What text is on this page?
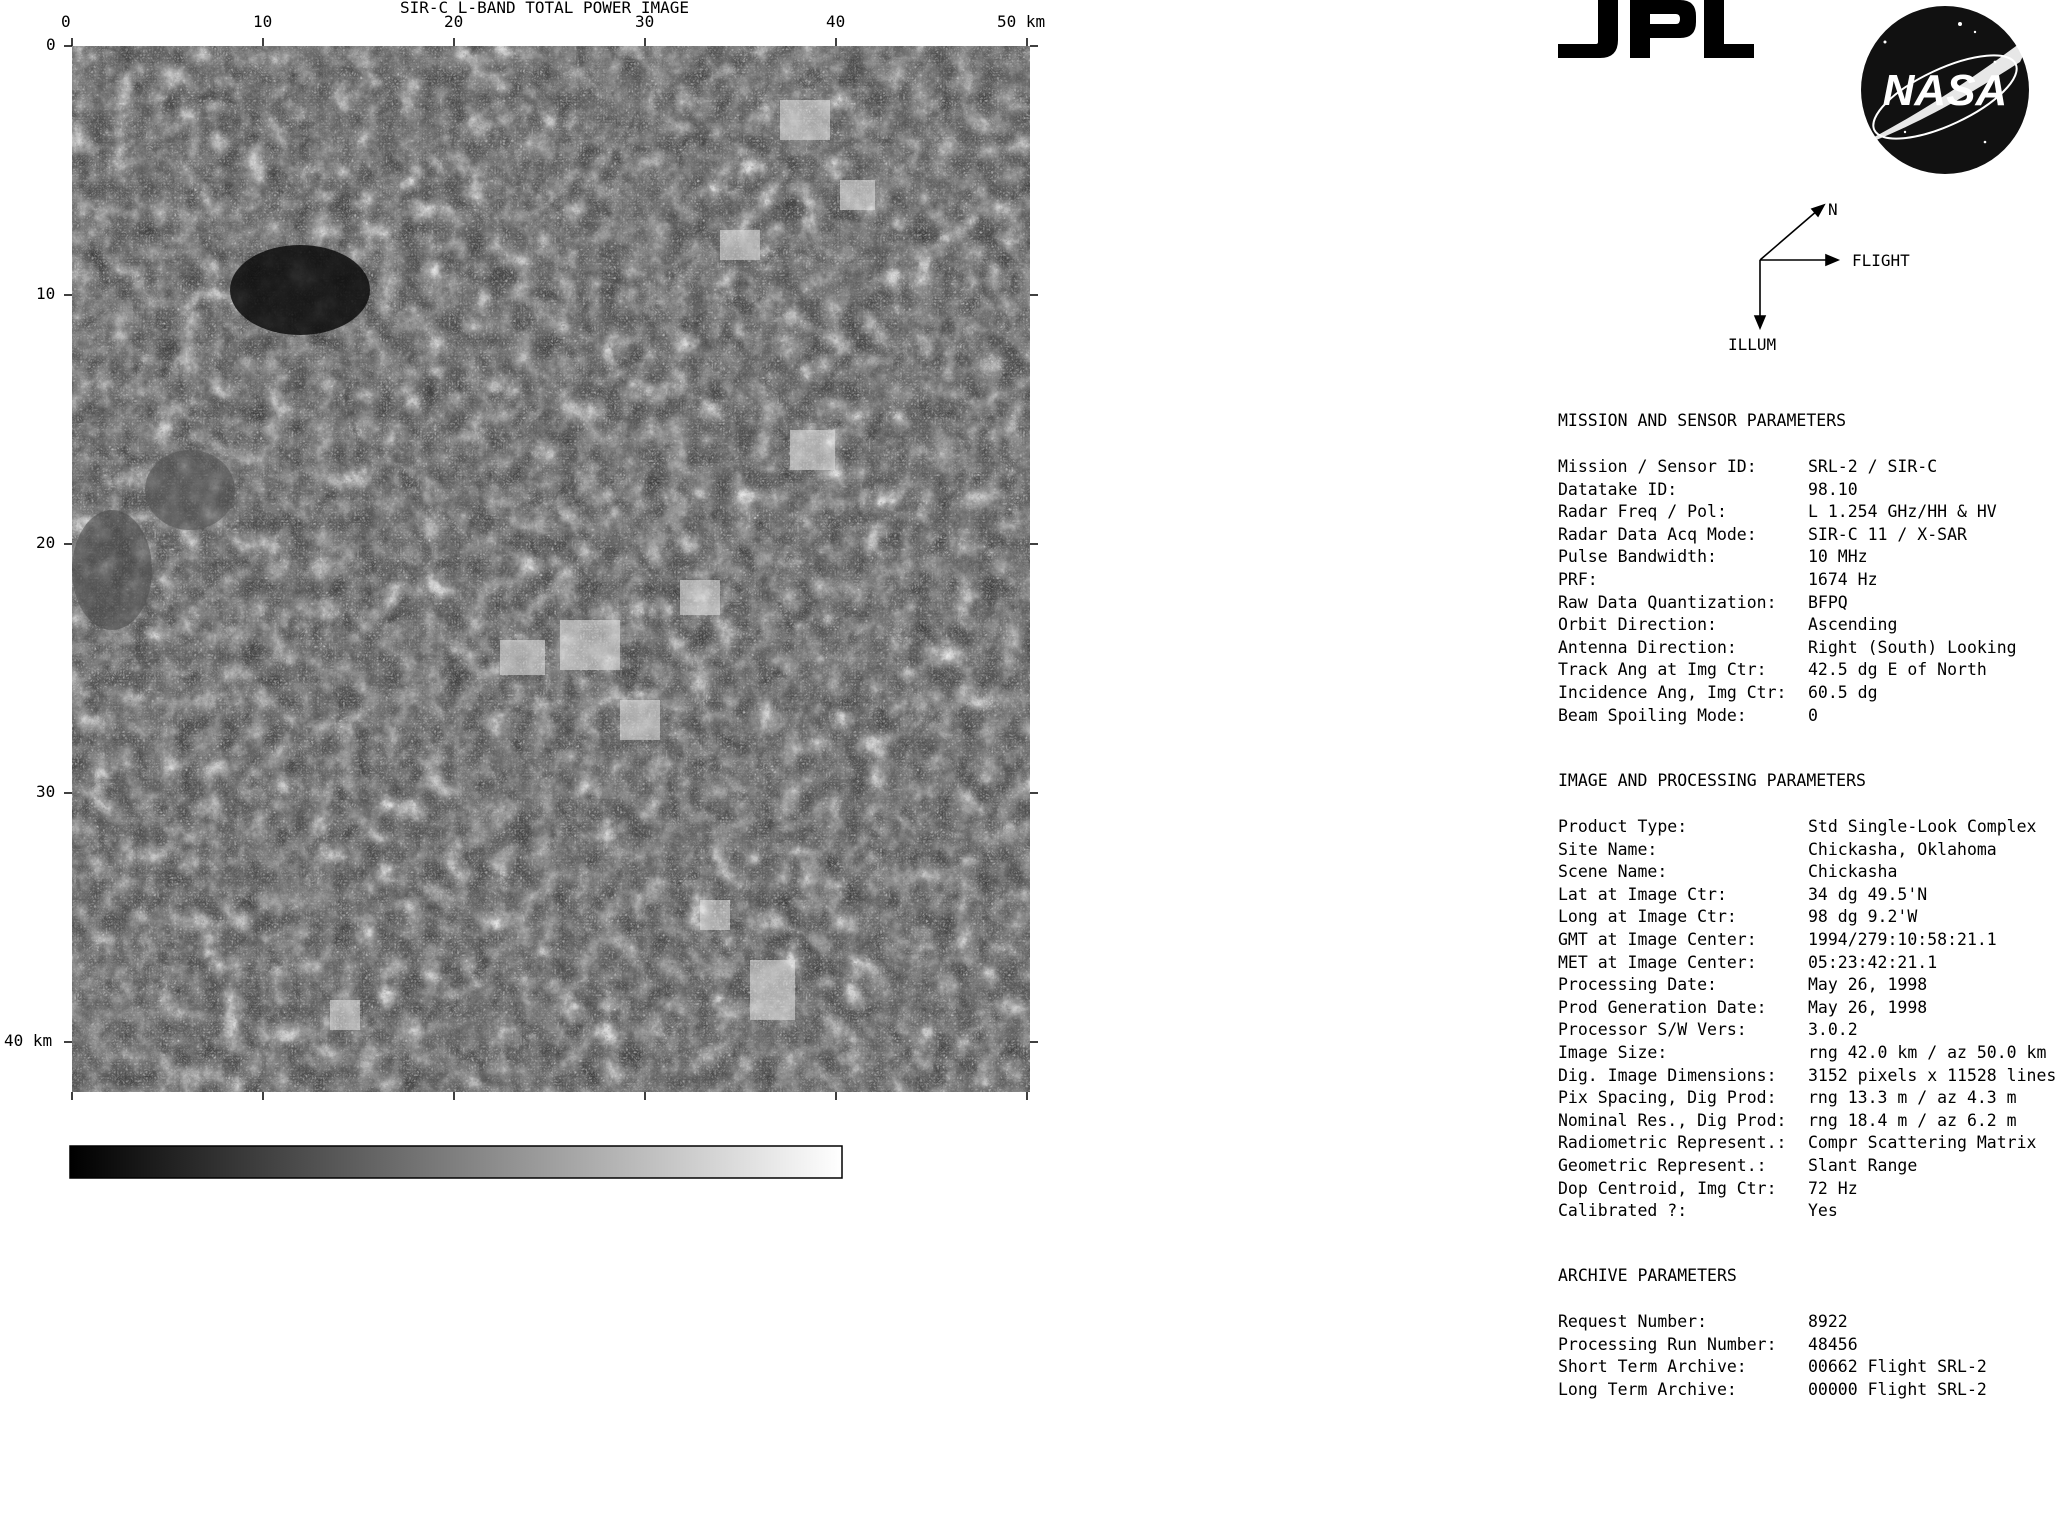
SIR-C L-BAND TOTAL POWER IMAGE
0	10	20	30	40	50 km
0
10
20
30
40 km
NASA
N
FLIGHT
ILLUM
MISSION AND SENSOR PARAMETERS
Mission / Sensor ID:	SRL-2 / SIR-C
Datatake ID:	98.10
Radar Freq / Pol:	L 1.254 GHz/HH & HV
Radar Data Acq Mode:	SIR-C 11 / X-SAR
Pulse Bandwidth:	10 MHz
PRF:	1674 Hz
Raw Data Quantization: BFPQ
Orbit Direction:	Ascending
Antenna Direction:	Right (South) Looking
Track Ang at Img Ctr:	42.5 dg E of North
Incidence Ang, Img Ctr: 60.5 dg
Beam Spoiling Mode:	0
IMAGE AND PROCESSING PARAMETERS
Product Type:	Std Single-Look Complex
Site Name:	Chickasha, Oklahoma
Scene Name:	Chickasha
Lat at Image Ctr:	34 dg 49.5'N
Long at Image Ctr:	98 dg 9.2'W
GMT at Image Center:	1994/279:10:58:21.1
MET at Image Center:	05:23:42:21.1
Processing Date:	May 26, 1998
Prod Generation Date:	May 26, 1998
Processor S/W Vers:	3.0.2
Image Size:	rng 42.0 km / az 50.0 km
Dig. Image Dimensions: 3152 pixels x 11528 lines
Pix Spacing, Dig Prod: rng 13.3 m / az 4.3 m
Nominal Res., Dig Prod: rng 18.4 m / az 6.2 m
Radiometric Represent.: Compr Scattering Matrix
Geometric Represent.:	Slant Range
Dop Centroid, Img Ctr: 72 Hz
Calibrated ?:	Yes
ARCHIVE PARAMETERS
Request Number:	8922
Processing Run Number: 48456
Short Term Archive:	00662 Flight SRL-2
Long Term Archive:	00000 Flight SRL-2
